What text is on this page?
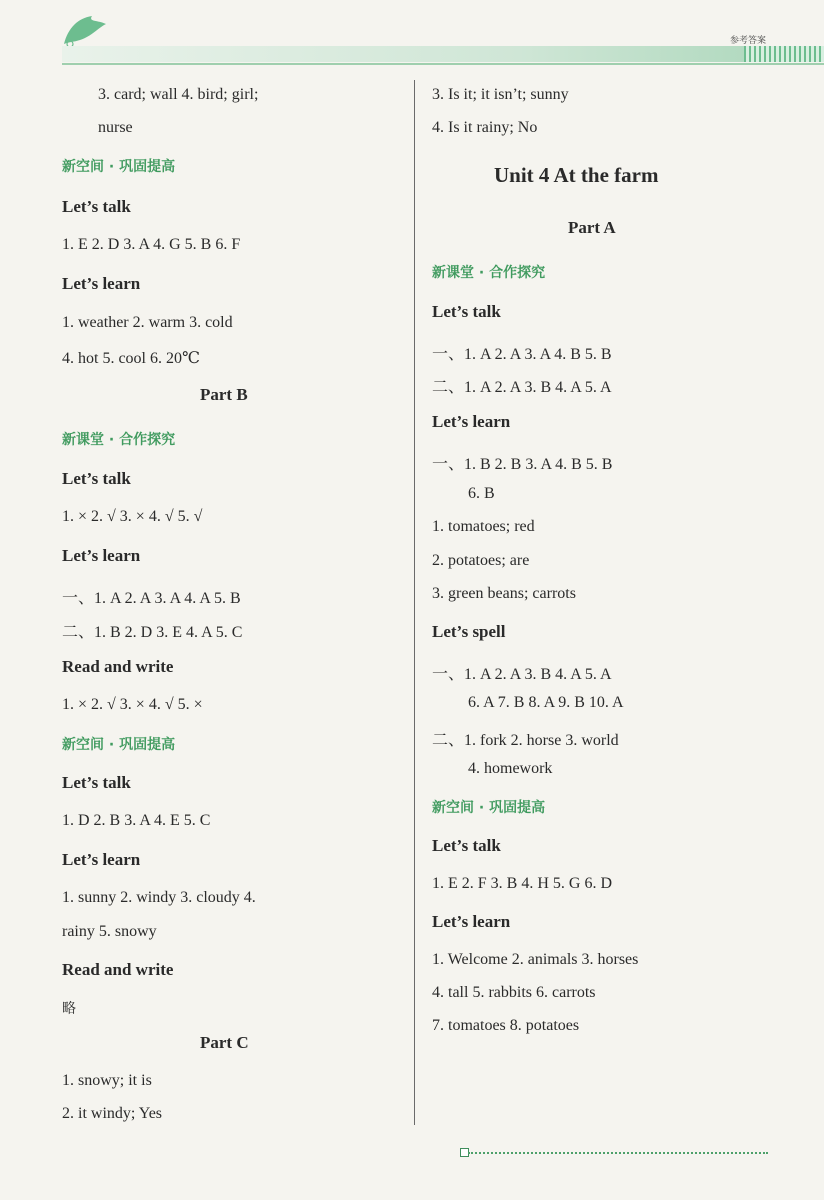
参考答案
3. card; wall 4. bird; girl;
nurse
新空间 · 巩固提高
Let’s talk
1. E 2. D 3. A 4. G 5. B 6. F
Let’s learn
1. weather 2. warm 3. cold
4. hot 5. cool 6. 20℃
Part B
新课堂 · 合作探究
Let’s talk
1. × 2. √ 3. × 4. √ 5. √
Let’s learn
一、1. A 2. A 3. A 4. A 5. B
二、1. B 2. D 3. E 4. A 5. C
Read and write
1. × 2. √ 3. × 4. √ 5. ×
新空间 · 巩固提高
Let’s talk
1. D 2. B 3. A 4. E 5. C
Let’s learn
1. sunny 2. windy 3. cloudy 4.
rainy 5. snowy
Read and write
略
Part C
1. snowy; it is
2. it windy; Yes
3. Is it; it isn’t; sunny
4. Is it rainy; No
Unit 4 At the farm
Part A
新课堂 · 合作探究
Let’s talk
一、1. A 2. A 3. A 4. B 5. B
二、1. A 2. A 3. B 4. A 5. A
Let’s learn
一、1. B 2. B 3. A 4. B 5. B
6. B
1. tomatoes; red
2. potatoes; are
3. green beans; carrots
Let’s spell
一、1. A 2. A 3. B 4. A 5. A
6. A 7. B 8. A 9. B 10. A
二、1. fork 2. horse 3. world
4. homework
新空间 · 巩固提高
Let’s talk
1. E 2. F 3. B 4. H 5. G 6. D
Let’s learn
1. Welcome 2. animals 3. horses
4. tall 5. rabbits 6. carrots
7. tomatoes 8. potatoes
